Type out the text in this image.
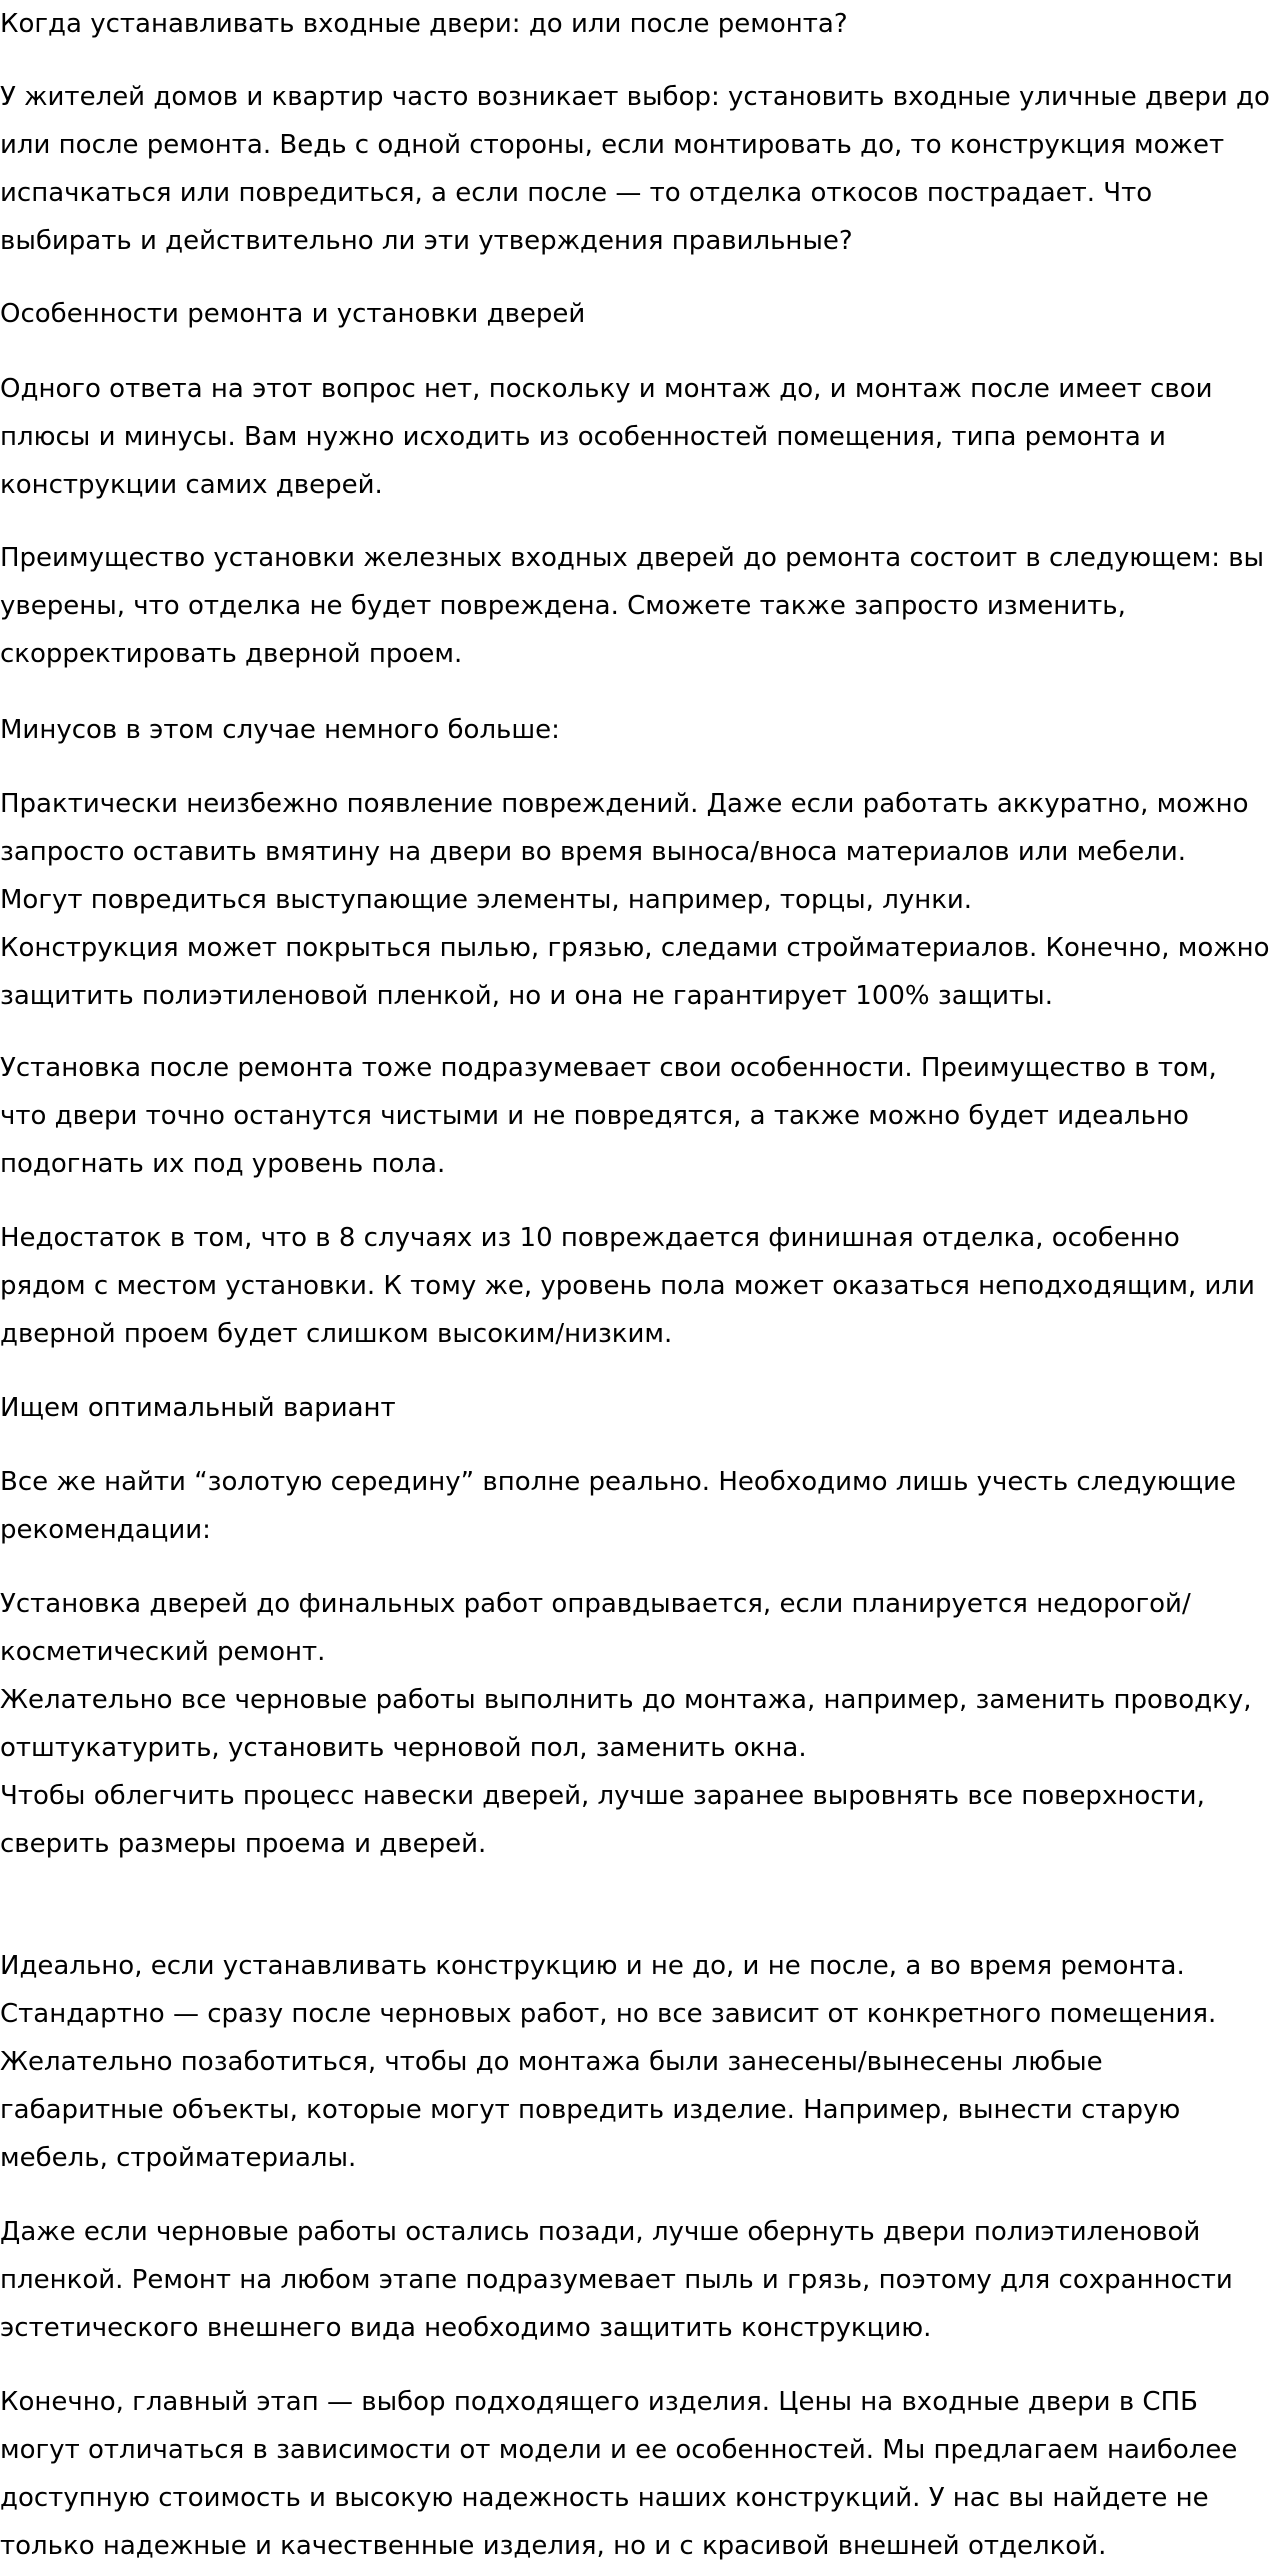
Когда устанавливать входные двери: до или после ремонта?
У жителей домов и квартир часто возникает выбор: установить входные уличные двери до
или после ремонта. Ведь с одной стороны, если монтировать до, то конструкция может
испачкаться или повредиться, а если после — то отделка откосов пострадает. Что
выбирать и действительно ли эти утверждения правильные?
Особенности ремонта и установки дверей
Одного ответа на этот вопрос нет, поскольку и монтаж до, и монтаж после имеет свои
плюсы и минусы. Вам нужно исходить из особенностей помещения, типа ремонта и
конструкции самих дверей.
Преимущество установки железных входных дверей до ремонта состоит в следующем: вы
уверены, что отделка не будет повреждена. Сможете также запросто изменить,
скорректировать дверной проем.
Минусов в этом случае немного больше:
Практически неизбежно появление повреждений. Даже если работать аккуратно, можно
запросто оставить вмятину на двери во время выноса/вноса материалов или мебели.
Могут повредиться выступающие элементы, например, торцы, лунки.
Конструкция может покрыться пылью, грязью, следами стройматериалов. Конечно, можно
защитить полиэтиленовой пленкой, но и она не гарантирует 100% защиты.
Установка после ремонта тоже подразумевает свои особенности. Преимущество в том,
что двери точно останутся чистыми и не повредятся, а также можно будет идеально
подогнать их под уровень пола.
Недостаток в том, что в 8 случаях из 10 повреждается финишная отделка, особенно
рядом с местом установки. К тому же, уровень пола может оказаться неподходящим, или
дверной проем будет слишком высоким/низким.
Ищем оптимальный вариант
Все же найти “золотую середину” вполне реально. Необходимо лишь учесть следующие
рекомендации:
Установка дверей до финальных работ оправдывается, если планируется недорогой/
косметический ремонт.
Желательно все черновые работы выполнить до монтажа, например, заменить проводку,
отштукатурить, установить черновой пол, заменить окна.
Чтобы облегчить процесс навески дверей, лучше заранее выровнять все поверхности,
сверить размеры проема и дверей.
Идеально, если устанавливать конструкцию и не до, и не после, а во время ремонта.
Стандартно — сразу после черновых работ, но все зависит от конкретного помещения.
Желательно позаботиться, чтобы до монтажа были занесены/вынесены любые
габаритные объекты, которые могут повредить изделие. Например, вынести старую
мебель, стройматериалы.
Даже если черновые работы остались позади, лучше обернуть двери полиэтиленовой
пленкой. Ремонт на любом этапе подразумевает пыль и грязь, поэтому для сохранности
эстетического внешнего вида необходимо защитить конструкцию.
Конечно, главный этап — выбор подходящего изделия. Цены на входные двери в СПБ
могут отличаться в зависимости от модели и ее особенностей. Мы предлагаем наиболее
доступную стоимость и высокую надежность наших конструкций. У нас вы найдете не
только надежные и качественные изделия, но и с красивой внешней отделкой.
